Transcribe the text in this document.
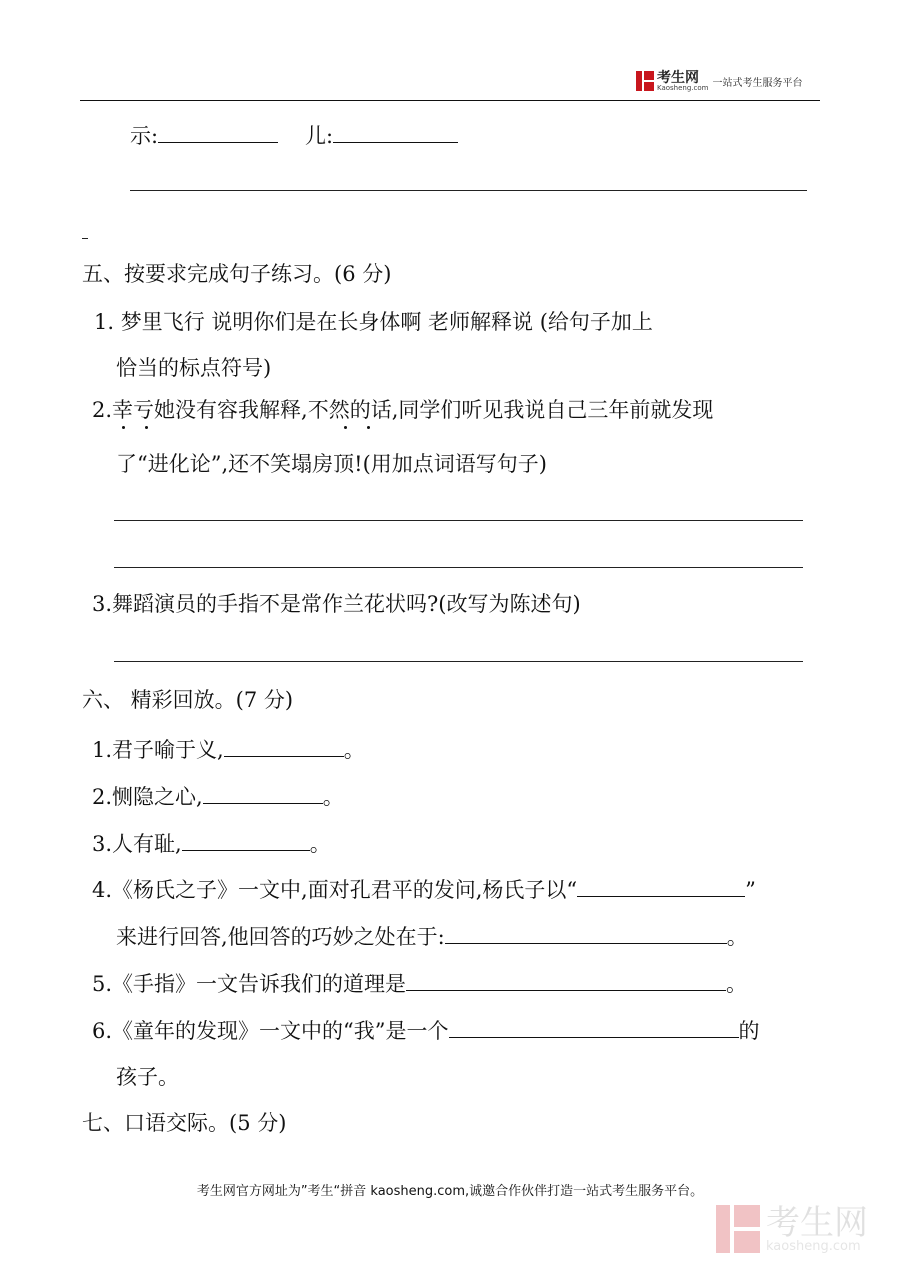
考生网
Kaosheng.com 一站式考生服务平台
示:	儿:
五、按要求完成句子练习。(6 分)
1. 梦里飞行 说明你们是在长身体啊 老师解释说 (给句子加上
恰当的标点符号)
2.幸亏她没有容我解释,不然的话,同学们听见我说自己三年前就发现
了“进化论”,还不笑塌房顶!(用加点词语写句子)
3.舞蹈演员的手指不是常作兰花状吗?(改写为陈述句)
六、 精彩回放。(7 分)
1.君子喻于义,	。
2.恻隐之心,	。
3.人有耻,	。
4.《杨氏之子》一文中,面对孔君平的发问,杨氏子以“	”
来进行回答,他回答的巧妙之处在于:	。
5.《手指》一文告诉我们的道理是	。
6.《童年的发现》一文中的“我”是一个	的
孩子。
七、口语交际。(5 分)
考生网官方网址为”考生“拼音 kaosheng.com,诚邀合作伙伴打造一站式考生服务平台。
考生网
kaosheng.com
